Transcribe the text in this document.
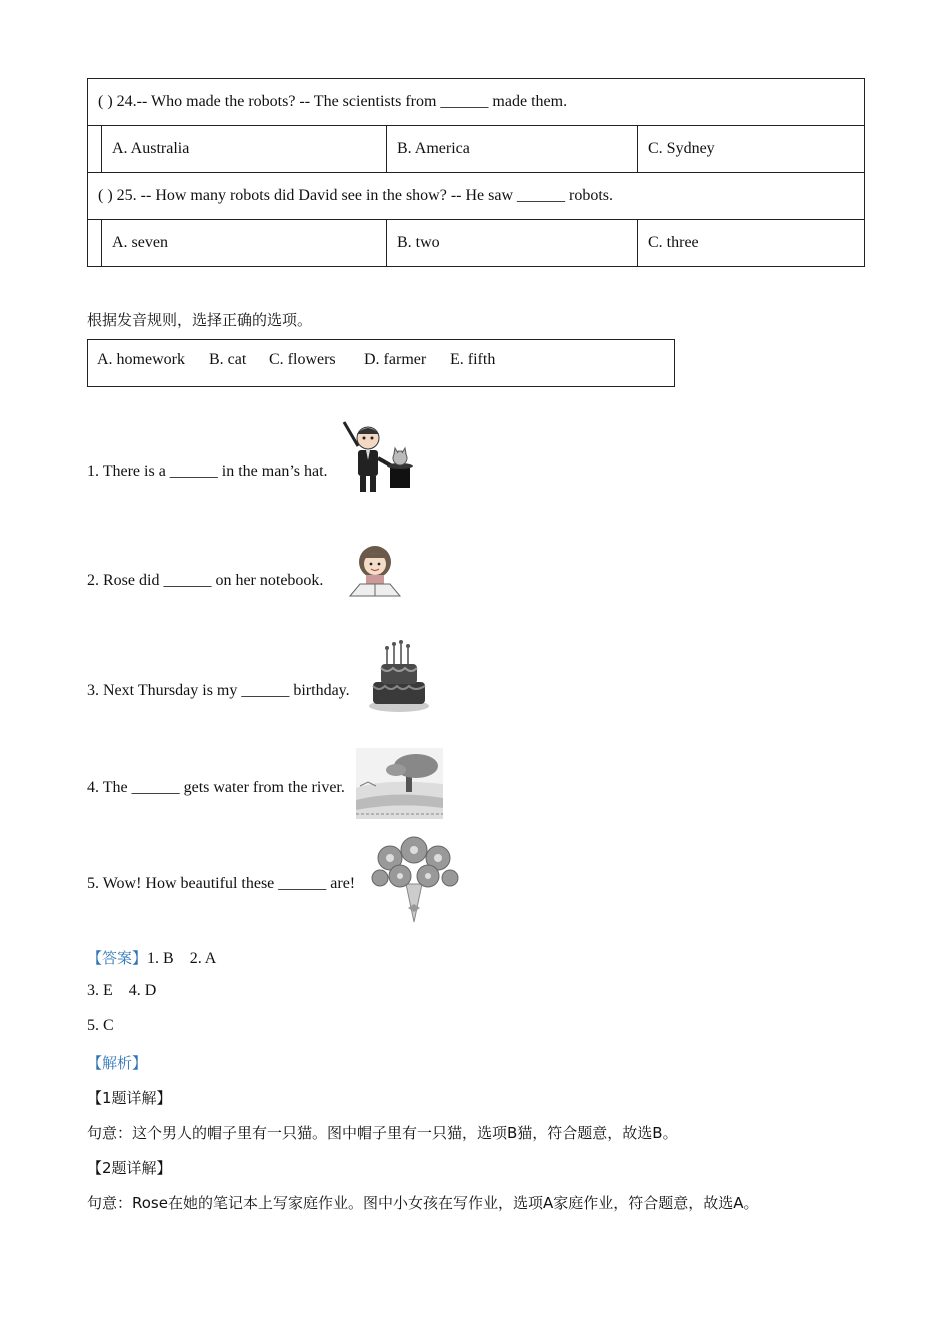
( ) 24.-- Who made the robots? -- The scientists from ______ made them.			
	A. Australia	B. America	C. Sydney
( ) 25. -- How many robots did David see in the show? -- He saw ______ robots.			
	A. seven	B. two	C. three
根据发音规则，选择正确的选项。
A. homework B. cat C. flowers D. farmer E. fifth
1. There is a ______ in the man’s hat.
2. Rose did ______ on her notebook.
3. Next Thursday is my ______ birthday.
4. The ______ gets water from the river.
5. Wow! How beautiful these ______ are!
【答案】1. B    2. A
3. E    4. D
5. C
【解析】
【1题详解】
句意：这个男人的帽子里有一只猫。图中帽子里有一只猫，选项B猫，符合题意，故选B。
【2题详解】
句意：Rose在她的笔记本上写家庭作业。图中小女孩在写作业，选项A家庭作业，符合题意，故选A。
